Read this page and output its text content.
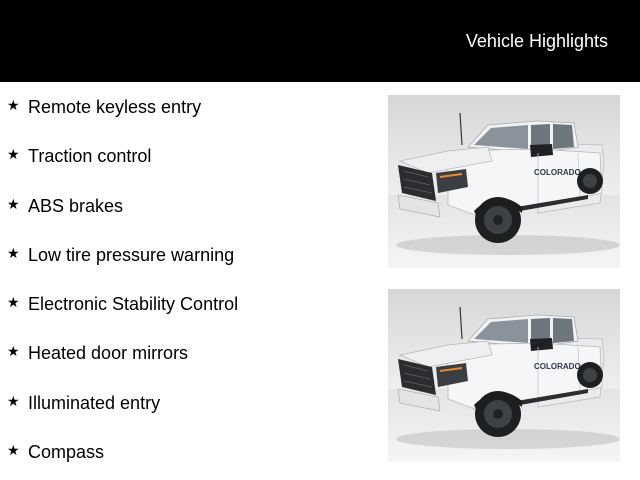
Vehicle Highlights
★ Remote keyless entry
★ Traction control
★ ABS brakes
★ Low tire pressure warning
★ Electronic Stability Control
★ Heated door mirrors
★ Illuminated entry
★ Compass
COLORADO
COLORADO
